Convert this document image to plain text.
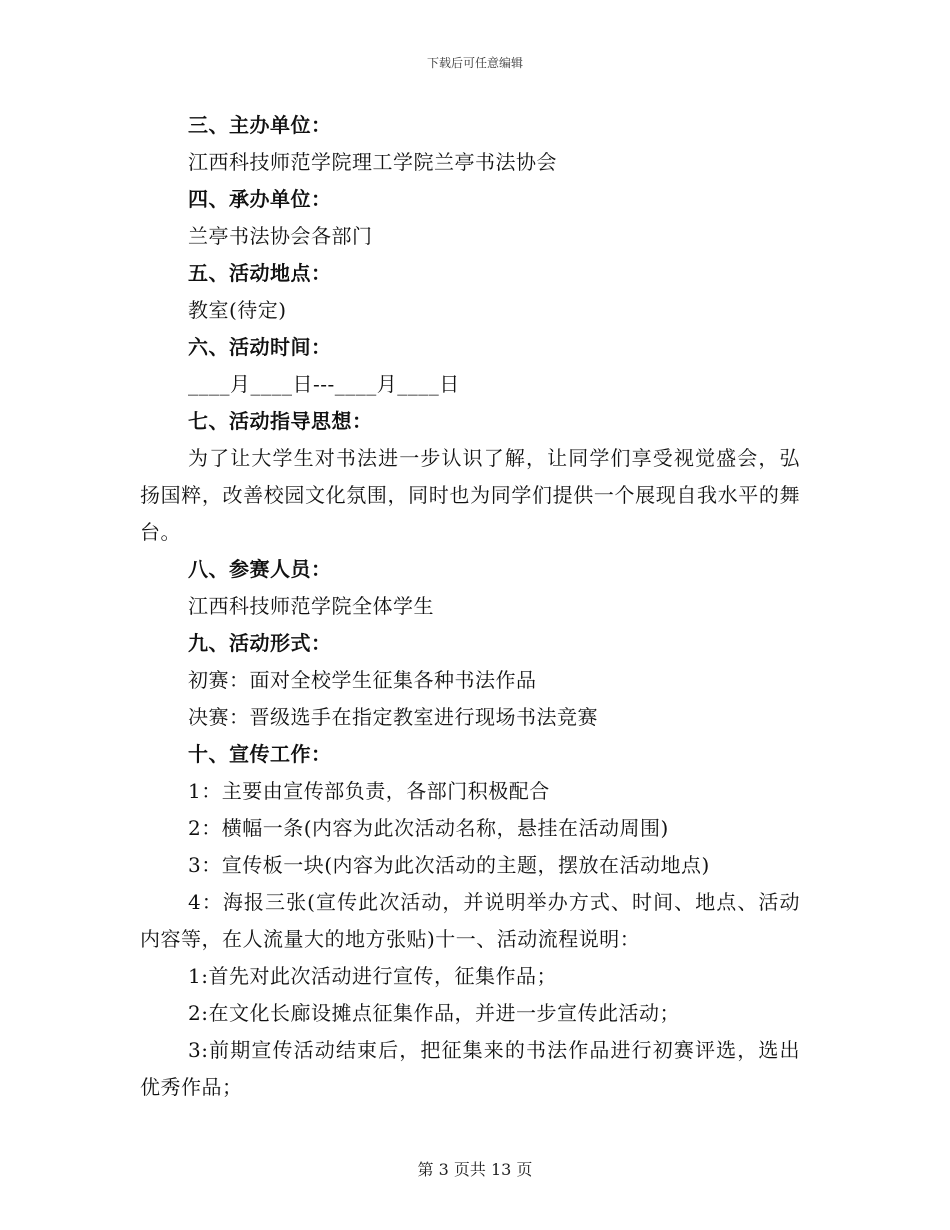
下载后可任意编辑
三、主办单位：
江西科技师范学院理工学院兰亭书法协会
四、承办单位：
兰亭书法协会各部门
五、活动地点：
教室(待定)
六、活动时间：
____月____日---____月____日
七、活动指导思想：
为了让大学生对书法进一步认识了解，让同学们享受视觉盛会，弘扬国粹，改善校园文化氛围，同时也为同学们提供一个展现自我水平的舞台。
八、参赛人员：
江西科技师范学院全体学生
九、活动形式：
初赛：面对全校学生征集各种书法作品
决赛：晋级选手在指定教室进行现场书法竞赛
十、宣传工作：
1：主要由宣传部负责，各部门积极配合
2：横幅一条(内容为此次活动名称，悬挂在活动周围)
3：宣传板一块(内容为此次活动的主题，摆放在活动地点)
4：海报三张(宣传此次活动，并说明举办方式、时间、地点、活动内容等，在人流量大的地方张贴)十一、活动流程说明：
1:首先对此次活动进行宣传，征集作品；
2:在文化长廊设摊点征集作品，并进一步宣传此活动；
3:前期宣传活动结束后，把征集来的书法作品进行初赛评选，选出优秀作品；
第 3 页共 13 页
